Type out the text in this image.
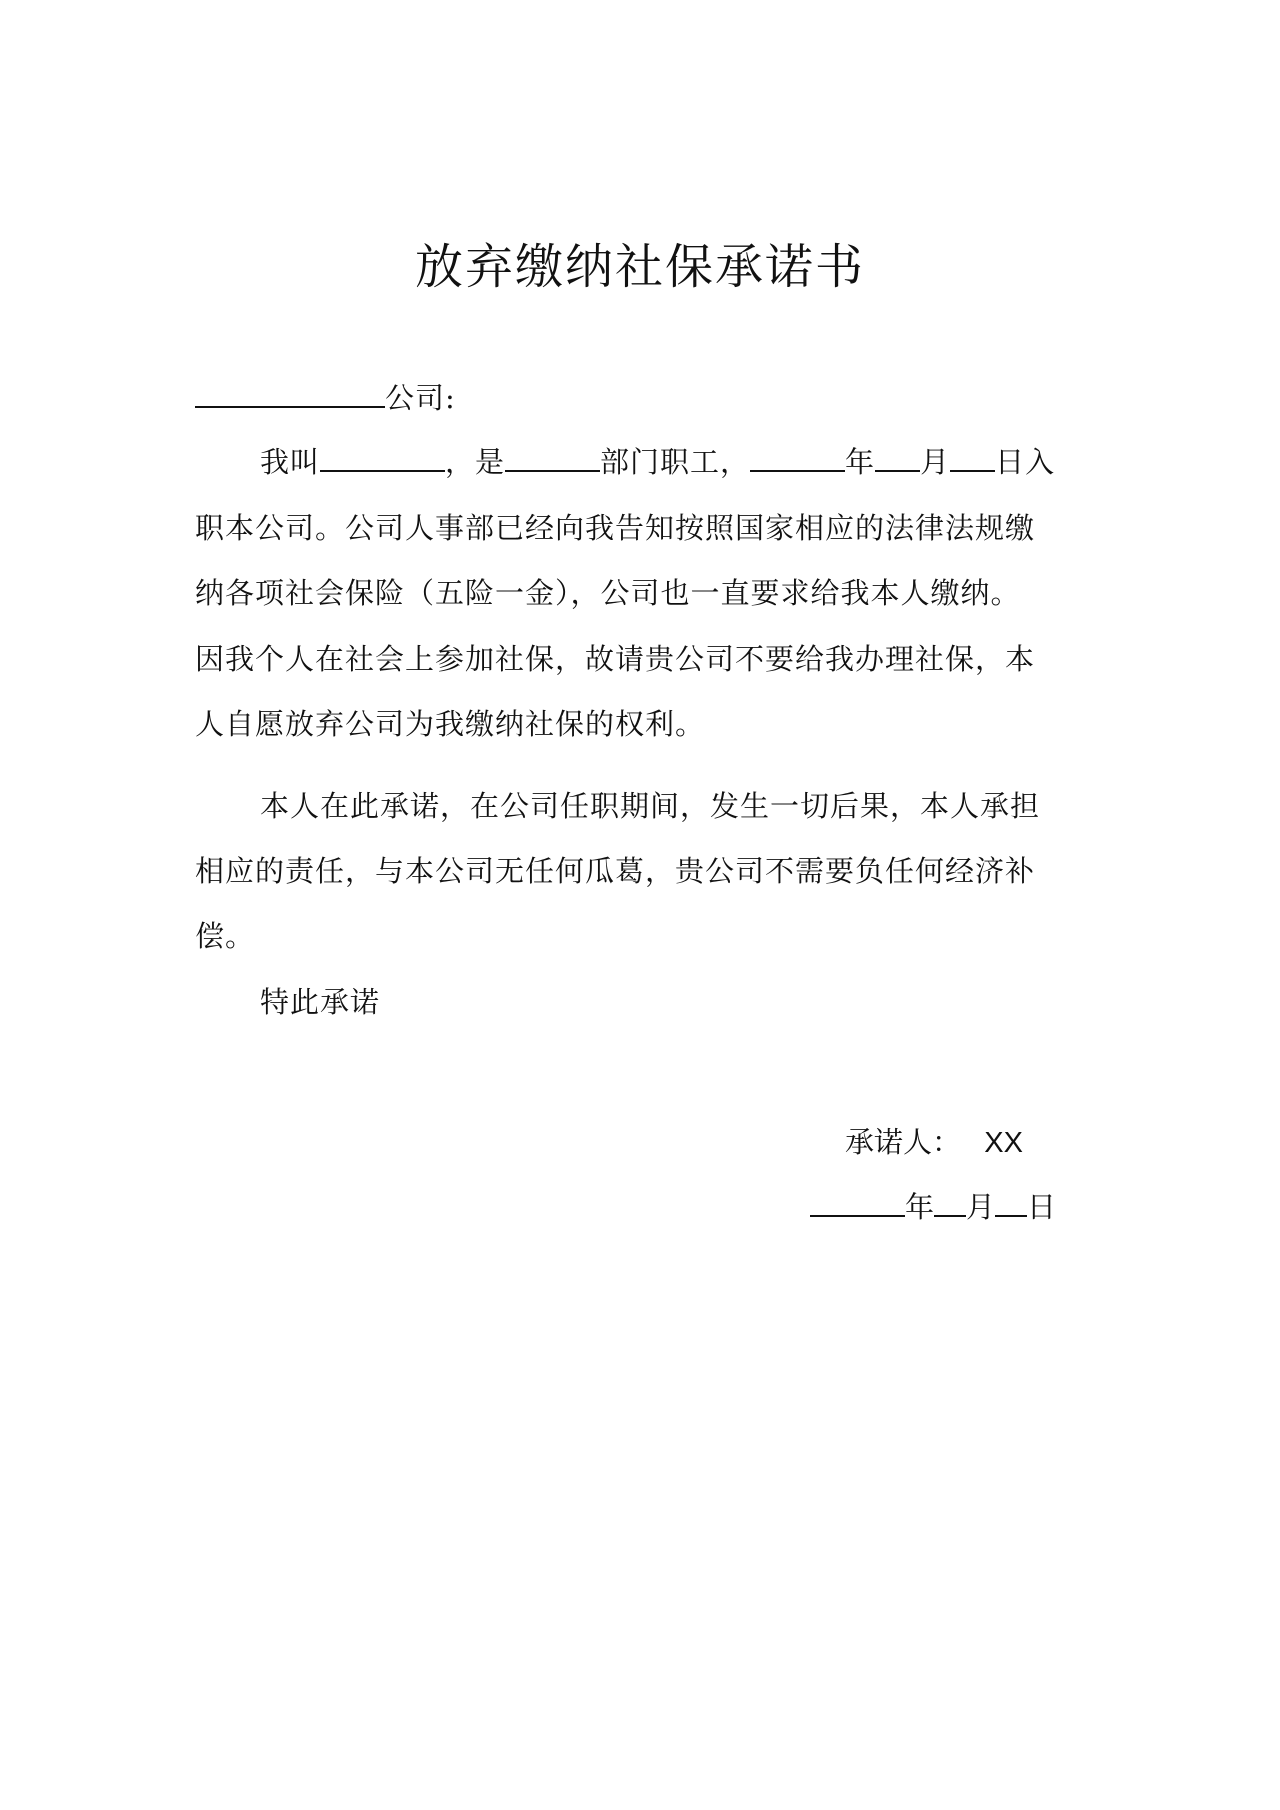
放弃缴纳社保承诺书
公司:
我叫	，是	部门职工，	年 月 日入
职本公司。公司人事部已经向我告知按照国家相应的法律法规缴
纳各项社会保险（五险一金），公司也一直要求给我本人缴纳。
因我个人在社会上参加社保，故请贵公司不要给我办理社保，本
人自愿放弃公司为我缴纳社保的权利。
本人在此承诺，在公司任职期间，发生一切后果，本人承担
相应的责任，与本公司无任何瓜葛，贵公司不需要负任何经济补
偿。
特此承诺
承诺人： XX
年 月 日
